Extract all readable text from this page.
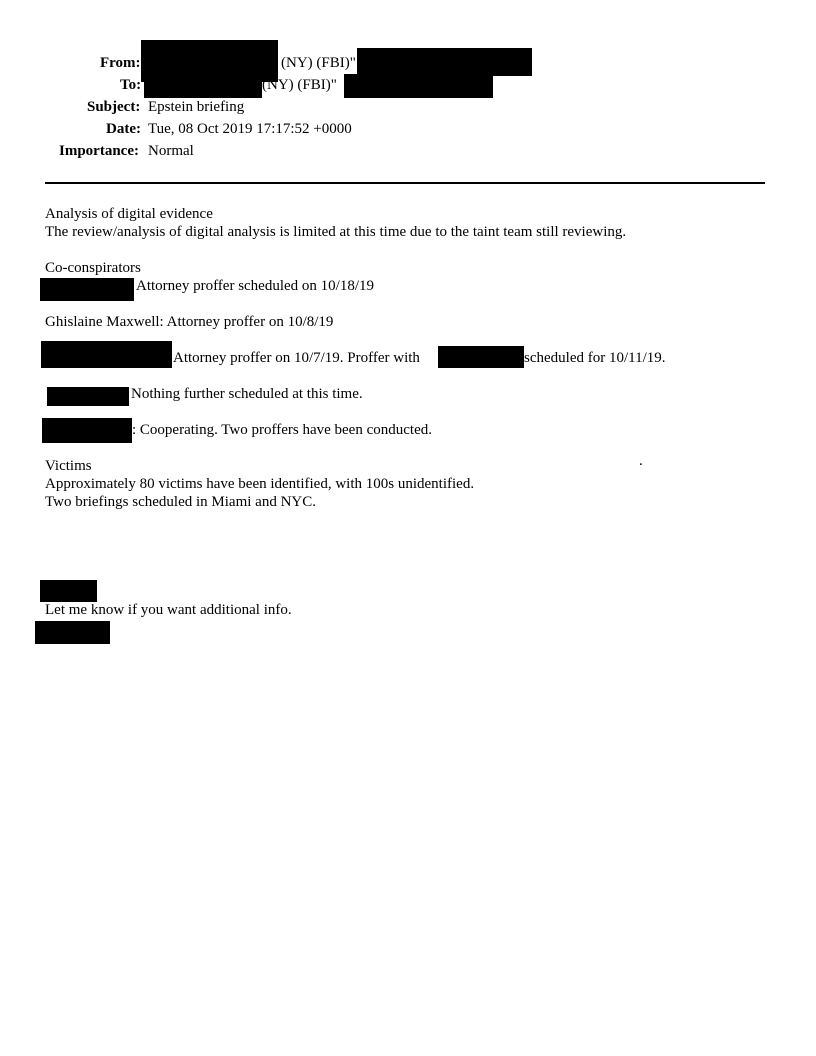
From:	(NY) (FBI)"
To:	(NY) (FBI)"
Subject: Epstein briefing
Date: Tue, 08 Oct 2019 17:17:52 +0000
Importance: Normal
Analysis of digital evidence
The review/analysis of digital analysis is limited at this time due to the taint team still reviewing.
Co-conspirators
Attorney proffer scheduled on 10/18/19
Ghislaine Maxwell: Attorney proffer on 10/8/19
Attorney proffer on 10/7/19. Proffer with	scheduled for 10/11/19.
Nothing further scheduled at this time.
: Cooperating. Two proffers have been conducted.
.
Victims
Approximately 80 victims have been identified, with 100s unidentified.
Two briefings scheduled in Miami and NYC.
Let me know if you want additional info.
